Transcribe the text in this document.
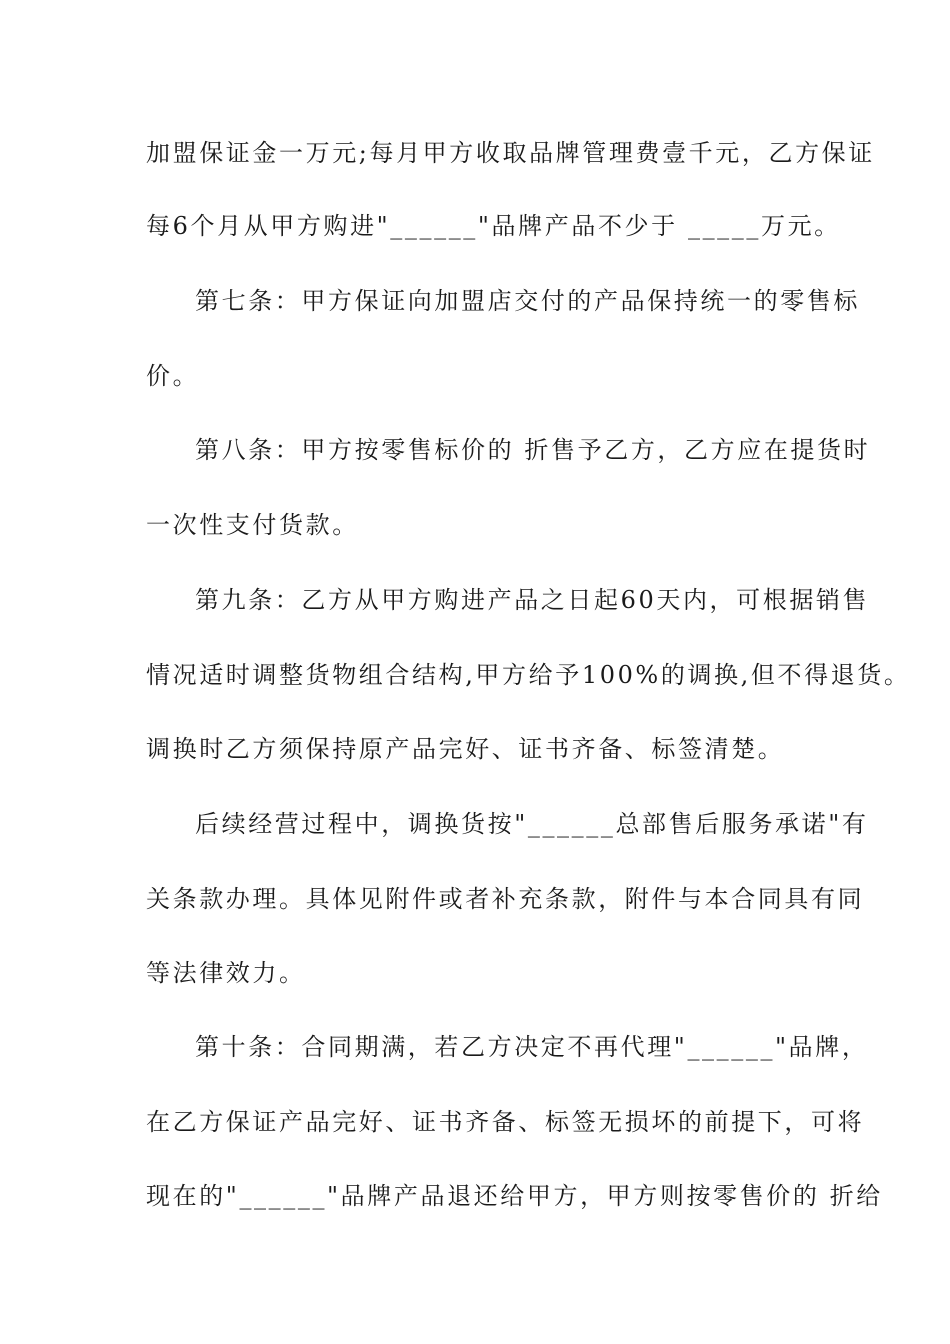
加盟保证金一万元;每月甲方收取品牌管理费壹千元，乙方保证
每6个月从甲方购进"______"品牌产品不少于 _____万元。
第七条：甲方保证向加盟店交付的产品保持统一的零售标
价。
第八条：甲方按零售标价的 折售予乙方，乙方应在提货时
一次性支付货款。
第九条：乙方从甲方购进产品之日起60天内，可根据销售
情况适时调整货物组合结构,甲方给予100%的调换,但不得退货。
调换时乙方须保持原产品完好、证书齐备、标签清楚。
后续经营过程中，调换货按"______总部售后服务承诺"有
关条款办理。具体见附件或者补充条款，附件与本合同具有同
等法律效力。
第十条：合同期满，若乙方决定不再代理"______"品牌，
在乙方保证产品完好、证书齐备、标签无损坏的前提下，可将
现在的"______"品牌产品退还给甲方，甲方则按零售价的 折给
